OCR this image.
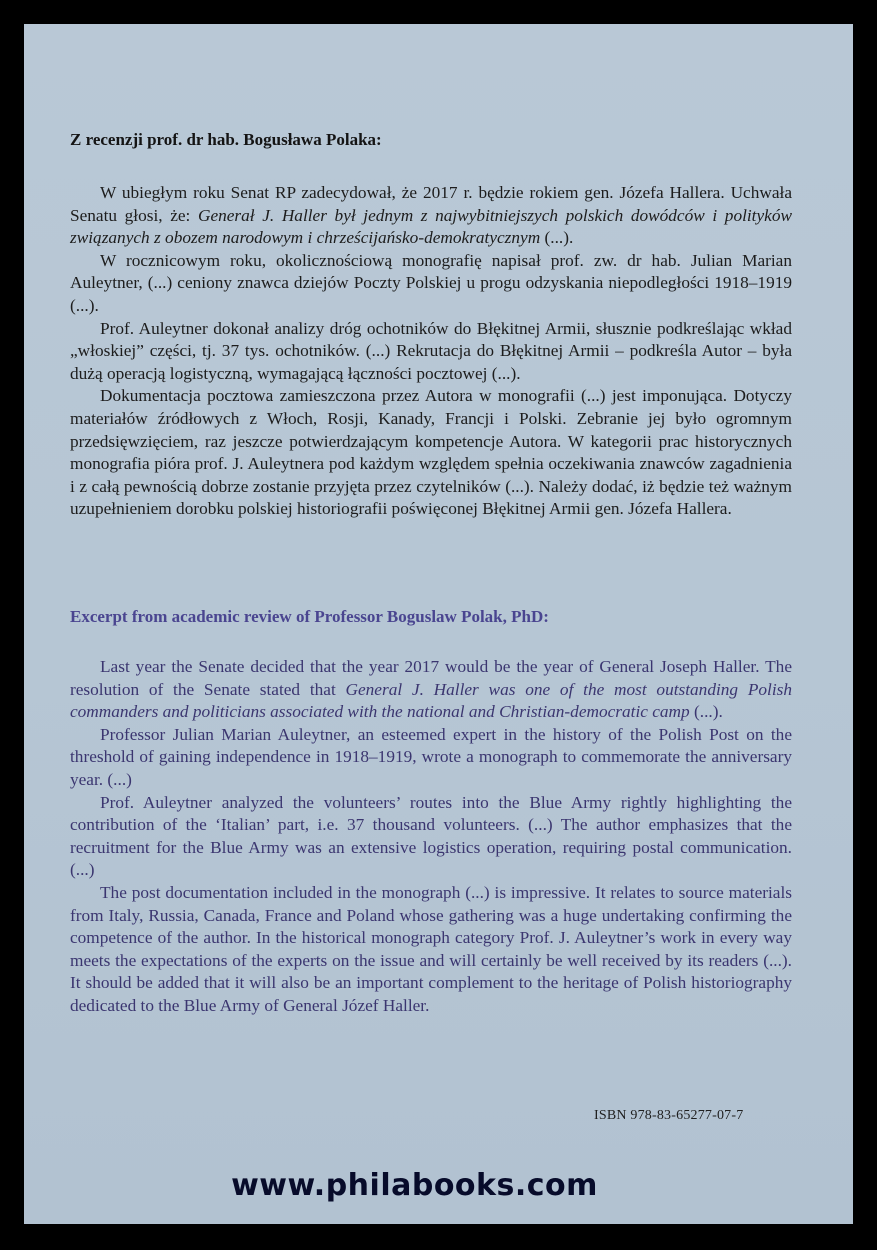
Z recenzji prof. dr hab. Bogusława Polaka:

W ubiegłym roku Senat RP zadecydował, że 2017 r. będzie rokiem gen. Józefa Hallera. Uchwała Senatu głosi, że: Generał J. Haller był jednym z najwybitniejszych polskich dowódców i polityków związanych z obozem narodowym i chrześcijańsko-demokratycznym (...).

W rocznicowym roku, okolicznościową monografię napisał prof. zw. dr hab. Julian Marian Auleytner, (...) ceniony znawca dziejów Poczty Polskiej u progu odzyskania niepodległości 1918–1919 (...).

Prof. Auleytner dokonał analizy dróg ochotników do Błękitnej Armii, słusznie podkreślając wkład „włoskiej” części, tj. 37 tys. ochotników. (...) Rekrutacja do Błękitnej Armii – podkreśla Autor – była dużą operacją logistyczną, wymagającą łączności pocztowej (...).

Dokumentacja pocztowa zamieszczona przez Autora w monografii (...) jest imponująca. Dotyczy materiałów źródłowych z Włoch, Rosji, Kanady, Francji i Polski. Zebranie jej było ogromnym przedsięwzięciem, raz jeszcze potwierdzającym kompetencje Autora. W kategorii prac historycznych monografia pióra prof. J. Auleytnera pod każdym względem spełnia oczekiwania znawców zagadnienia i z całą pewnością dobrze zostanie przyjęta przez czytelników (...). Należy dodać, iż będzie też ważnym uzupełnieniem dorobku polskiej historiografii poświęconej Błękitnej Armii gen. Józefa Hallera.

Excerpt from academic review of Professor Boguslaw Polak, PhD:

Last year the Senate decided that the year 2017 would be the year of General Joseph Haller. The resolution of the Senate stated that General J. Haller was one of the most outstanding Polish commanders and politicians associated with the national and Christian-democratic camp (...).

Professor Julian Marian Auleytner, an esteemed expert in the history of the Polish Post on the threshold of gaining independence in 1918–1919, wrote a monograph to commemorate the anniversary year. (...)

Prof. Auleytner analyzed the volunteers’ routes into the Blue Army rightly highlighting the contribution of the ‘Italian’ part, i.e. 37 thousand volunteers. (...) The author emphasizes that the recruitment for the Blue Army was an extensive logistics operation, requiring postal communication. (...)

The post documentation included in the monograph (...) is impressive. It relates to source materials from Italy, Russia, Canada, France and Poland whose gathering was a huge undertaking confirming the competence of the author. In the historical monograph category Prof. J. Auleytner’s work in every way meets the expectations of the experts on the issue and will certainly be well received by its readers (...). It should be added that it will also be an important complement to the heritage of Polish historiography dedicated to the Blue Army of General Józef Haller.

ISBN 978-83-65277-07-7
www.philabooks.com
